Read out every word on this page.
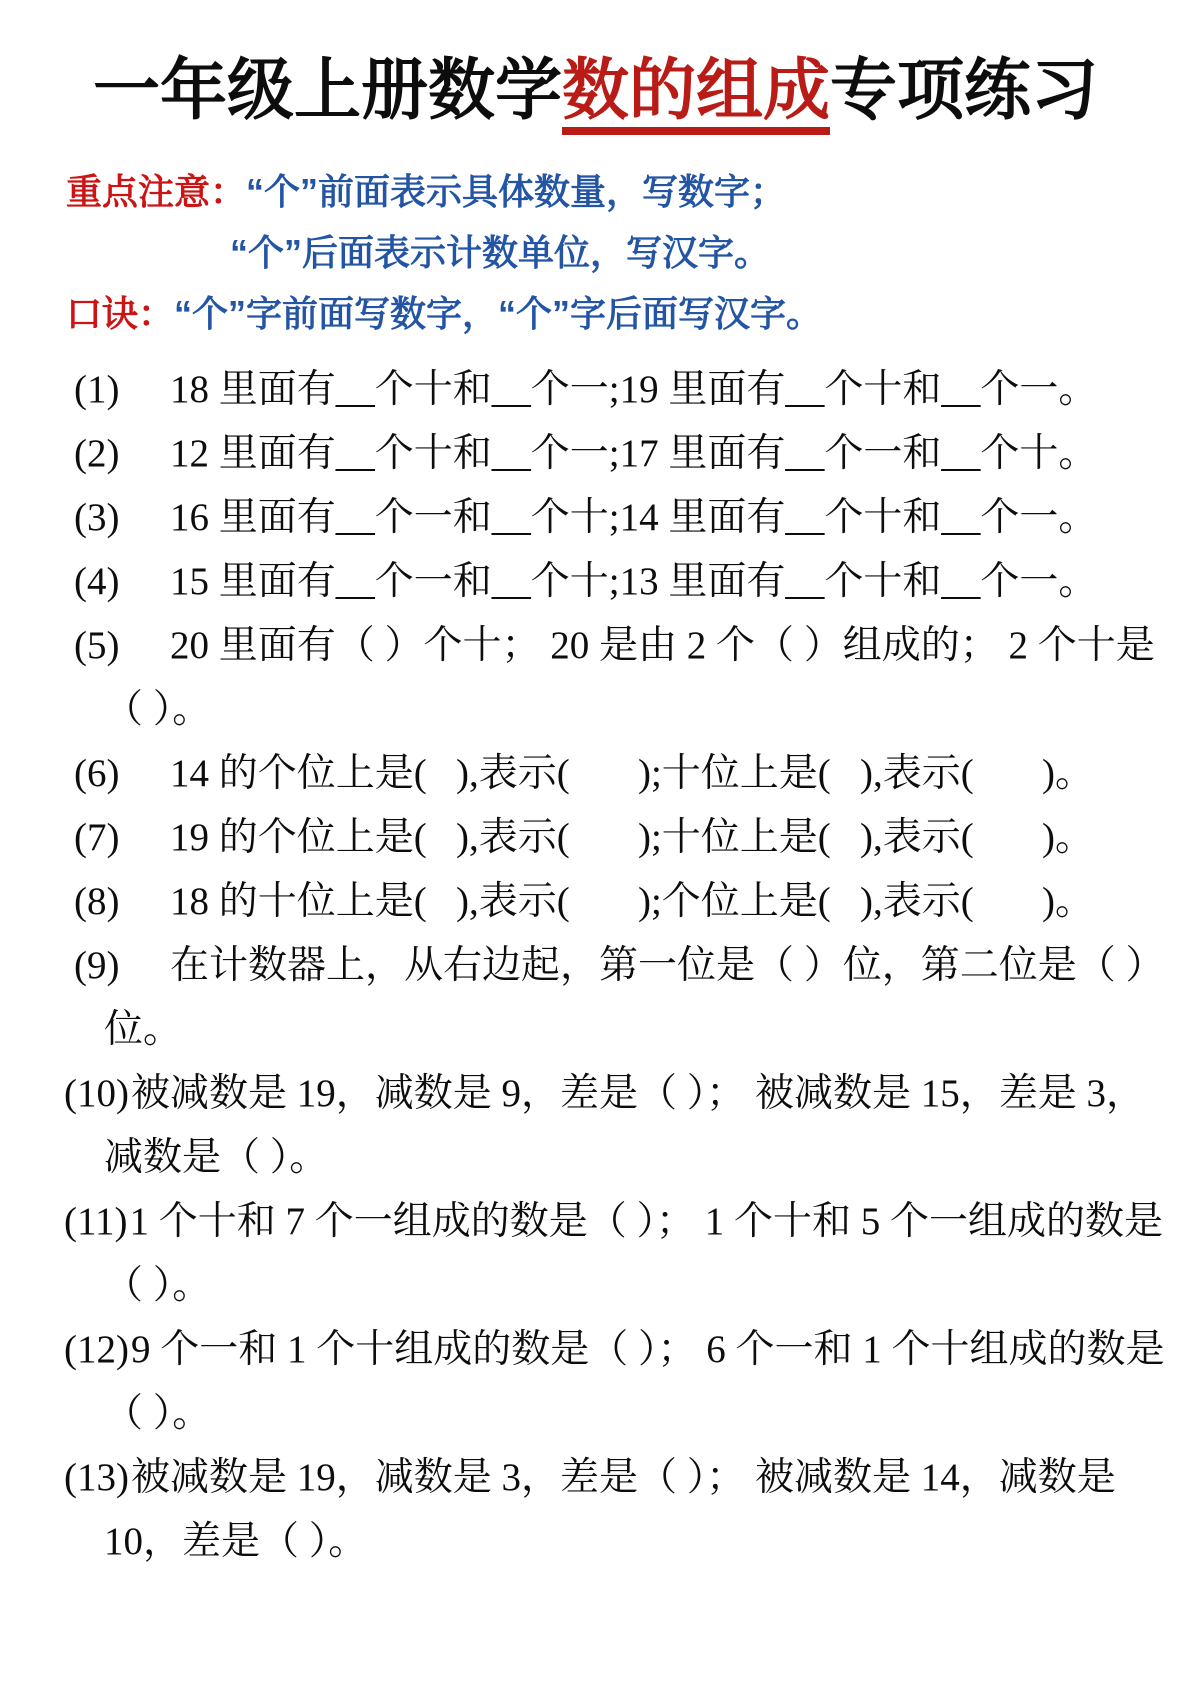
一年级上册数学数的组成专项练习
重点注意：“个”前面表示具体数量，写数字；
“个”后面表示计数单位，写汉字。
口诀：“个”字前面写数字，“个”字后面写汉字。
(1) 18 里面有__个十和__个一;19 里面有__个十和__个一。
(2) 12 里面有__个十和__个一;17 里面有__个一和__个十。
(3) 16 里面有__个一和__个十;14 里面有__个十和__个一。
(4) 15 里面有__个一和__个十;13 里面有__个十和__个一。
(5) 20 里面有（ ）个十； 20 是由 2 个（ ）组成的； 2 个十是
（ ）。
(6) 14 的个位上是(   ),表示(       );十位上是(   ),表示(       )。
(7) 19 的个位上是(   ),表示(       );十位上是(   ),表示(       )。
(8) 18 的十位上是(   ),表示(       );个位上是(   ),表示(       )。
(9) 在计数器上，从右边起，第一位是（ ）位，第二位是（ ）
位。
(10)被减数是 19，减数是 9，差是（ ）； 被减数是 15，差是 3，
减数是（ ）。
(11)1 个十和 7 个一组成的数是（ ）； 1 个十和 5 个一组成的数是
（ ）。
(12)9 个一和 1 个十组成的数是（ ）； 6 个一和 1 个十组成的数是
（ ）。
(13)被减数是 19，减数是 3，差是（ ）； 被减数是 14，减数是
10，差是（ ）。
